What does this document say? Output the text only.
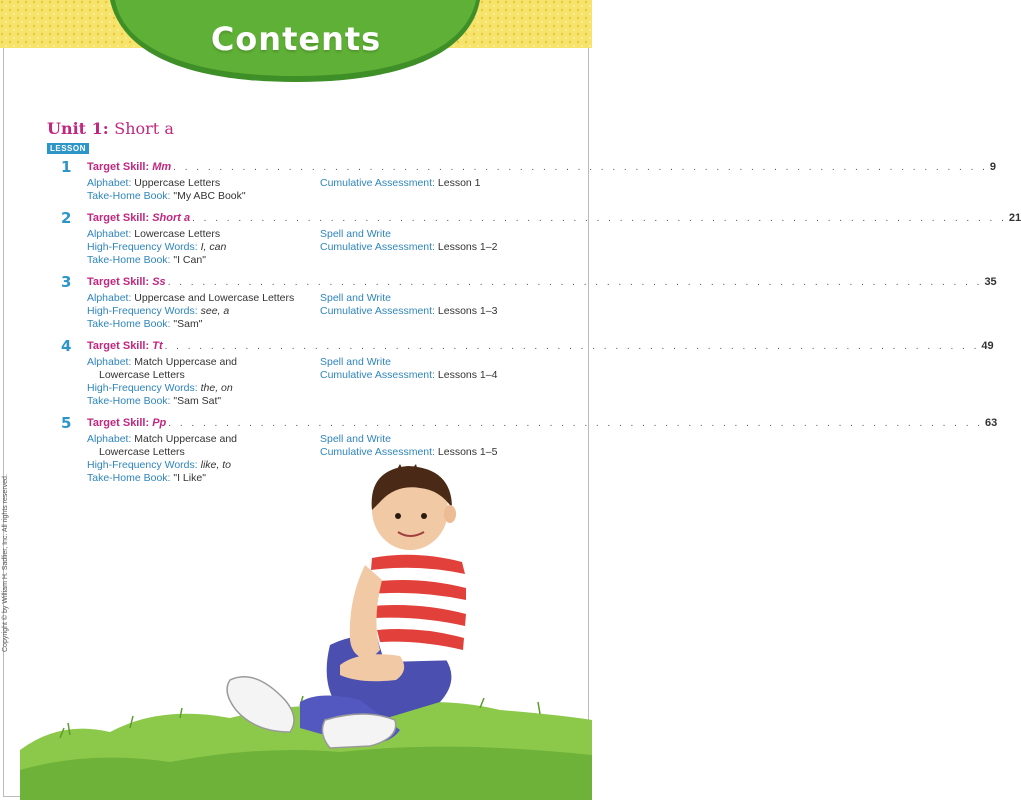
Contents
Unit 1: Short a
LESSON
1 Target Skill: Mm . . . . . . . . . . . . . . . . . . . . . . . . . . . . . . . . . . . . . . . . . . . . . . . . . . . . . . . . . . . . . . . . . . . . . . . 9
Alphabet: Uppercase Letters
Take-Home Book: "My ABC Book"
Cumulative Assessment: Lesson 1
2 Target Skill: Short a . . . . . . . . . . . . . . . . . . . . . . . . . . . . . . . . . . . . . . . . . . . . . . . . . . . . . . . . . . . . . . . . . . . . . . . 21
Alphabet: Lowercase Letters
High-Frequency Words: I, can
Take-Home Book: "I Can"
Spell and Write
Cumulative Assessment: Lessons 1–2
3 Target Skill: Ss . . . . . . . . . . . . . . . . . . . . . . . . . . . . . . . . . . . . . . . . . . . . . . . . . . . . . . . . . . . . . . . . . . . . . . . 35
Alphabet: Uppercase and Lowercase Letters
High-Frequency Words: see, a
Take-Home Book: "Sam"
Spell and Write
Cumulative Assessment: Lessons 1–3
4 Target Skill: Tt . . . . . . . . . . . . . . . . . . . . . . . . . . . . . . . . . . . . . . . . . . . . . . . . . . . . . . . . . . . . . . . . . . . . . . . 49
Alphabet: Match Uppercase and
Lowercase Letters
High-Frequency Words: the, on
Take-Home Book: "Sam Sat"
Spell and Write
Cumulative Assessment: Lessons 1–4
5 Target Skill: Pp . . . . . . . . . . . . . . . . . . . . . . . . . . . . . . . . . . . . . . . . . . . . . . . . . . . . . . . . . . . . . . . . . . . . . . . 63
Alphabet: Match Uppercase and
Lowercase Letters
High-Frequency Words: like, to
Take-Home Book: "I Like"
Spell and Write
Cumulative Assessment: Lessons 1–5
Copyright © by William H. Sadlier, Inc. All rights reserved.
